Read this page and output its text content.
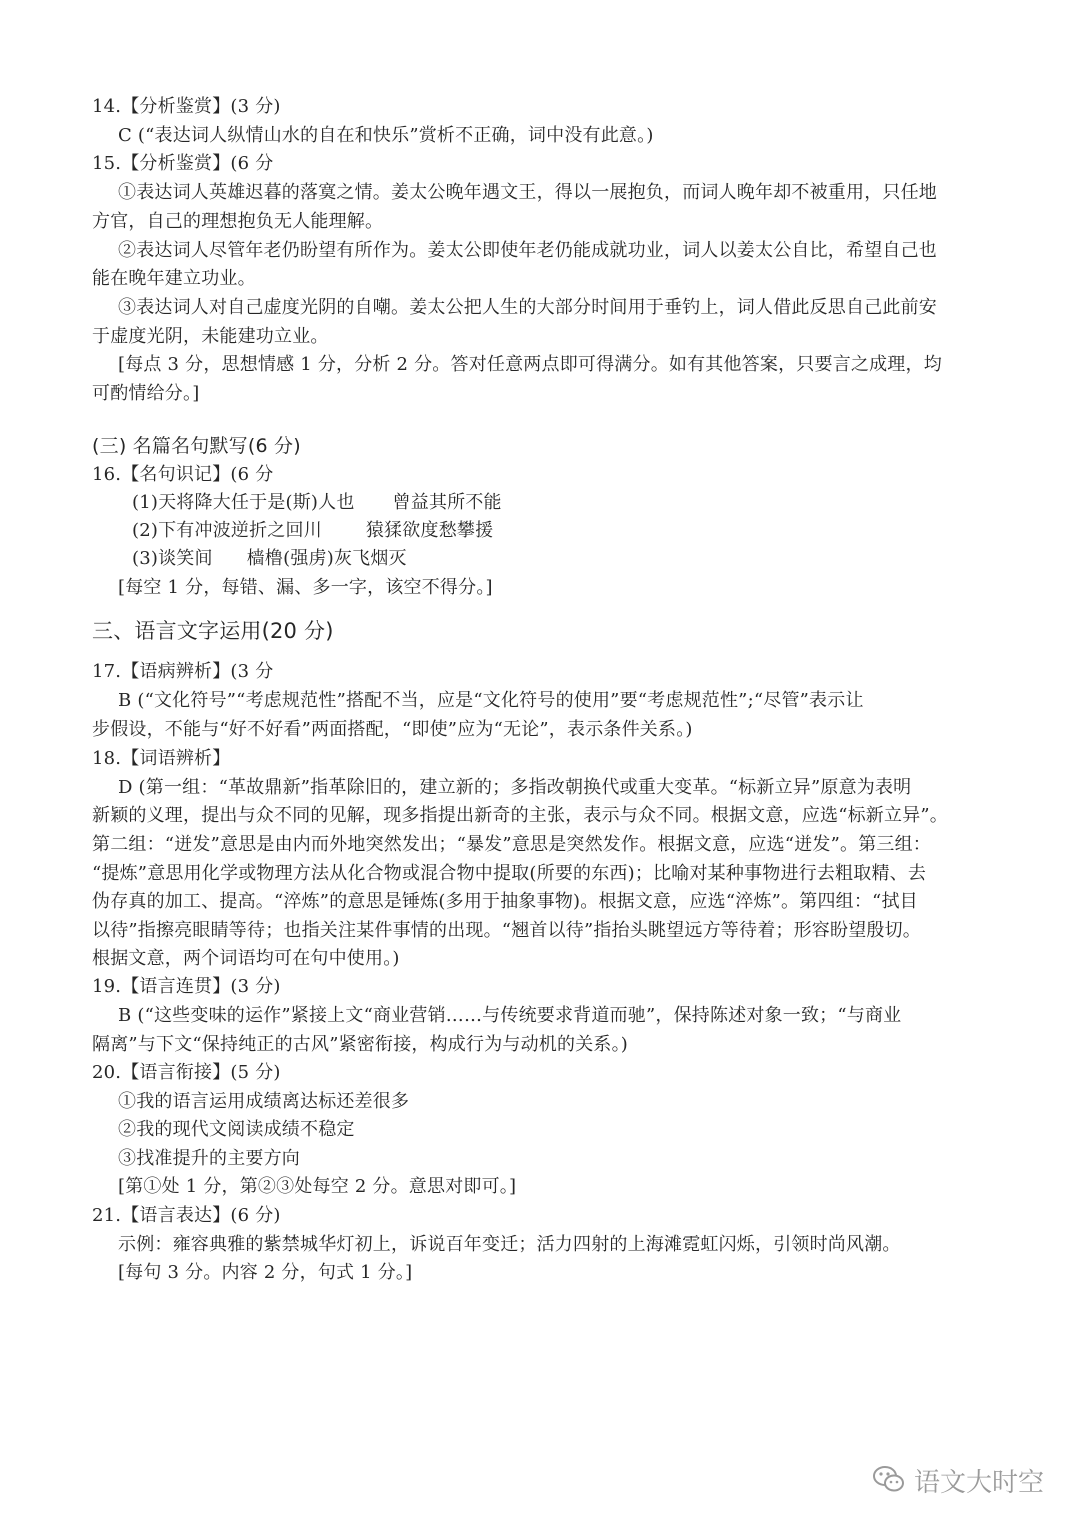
14.【分析鉴赏】(3 分)
C (“表达词人纵情山水的自在和快乐”赏析不正确，词中没有此意。)
15.【分析鉴赏】(6 分
①表达词人英雄迟暮的落寞之情。姜太公晚年遇文王，得以一展抱负，而词人晚年却不被重用，只任地
方官，自己的理想抱负无人能理解。
②表达词人尽管年老仍盼望有所作为。姜太公即使年老仍能成就功业，词人以姜太公自比，希望自己也
能在晚年建立功业。
③表达词人对自己虚度光阴的自嘲。姜太公把人生的大部分时间用于垂钓上，词人借此反思自己此前安
于虚度光阴，未能建功立业。
[每点 3 分，思想情感 1 分，分析 2 分。答对任意两点即可得满分。如有其他答案，只要言之成理，均
可酌情给分。]
(三) 名篇名句默写(6 分)
16.【名句识记】(6 分
(1)天将降大任于是(斯)人也 曾益其所不能
(2)下有冲波逆折之回川 猿猱欲度愁攀援
(3)谈笑间 樯橹(强虏)灰飞烟灭
[每空 1 分，每错、漏、多一字，该空不得分。]
三、语言文字运用(20 分)
17.【语病辨析】(3 分
B (“文化符号”“考虑规范性”搭配不当，应是“文化符号的使用”要“考虑规范性”;“尽管”表示让
步假设，不能与“好不好看”两面搭配，“即使”应为“无论”，表示条件关系。)
18.【词语辨析】
D (第一组：“革故鼎新”指革除旧的，建立新的；多指改朝换代或重大变革。“标新立异”原意为表明
新颖的义理，提出与众不同的见解，现多指提出新奇的主张，表示与众不同。根据文意，应选“标新立异”。
第二组：“迸发”意思是由内而外地突然发出；“暴发”意思是突然发作。根据文意，应选“迸发”。第三组：
“提炼”意思用化学或物理方法从化合物或混合物中提取(所要的东西)；比喻对某种事物进行去粗取精、去
伪存真的加工、提高。“淬炼”的意思是锤炼(多用于抽象事物)。根据文意，应选“淬炼”。第四组：“拭目
以待”指擦亮眼睛等待；也指关注某件事情的出现。“翘首以待”指抬头眺望远方等待着；形容盼望殷切。
根据文意，两个词语均可在句中使用。)
19.【语言连贯】(3 分)
B (“这些变味的运作”紧接上文“商业营销……与传统要求背道而驰”，保持陈述对象一致；“与商业
隔离”与下文“保持纯正的古风”紧密衔接，构成行为与动机的关系。)
20.【语言衔接】(5 分)
①我的语言运用成绩离达标还差很多
②我的现代文阅读成绩不稳定
③找准提升的主要方向
[第①处 1 分，第②③处每空 2 分。意思对即可。]
21.【语言表达】(6 分)
示例：雍容典雅的紫禁城华灯初上，诉说百年变迁；活力四射的上海滩霓虹闪烁，引领时尚风潮。
[每句 3 分。内容 2 分，句式 1 分。]
语文大时空
